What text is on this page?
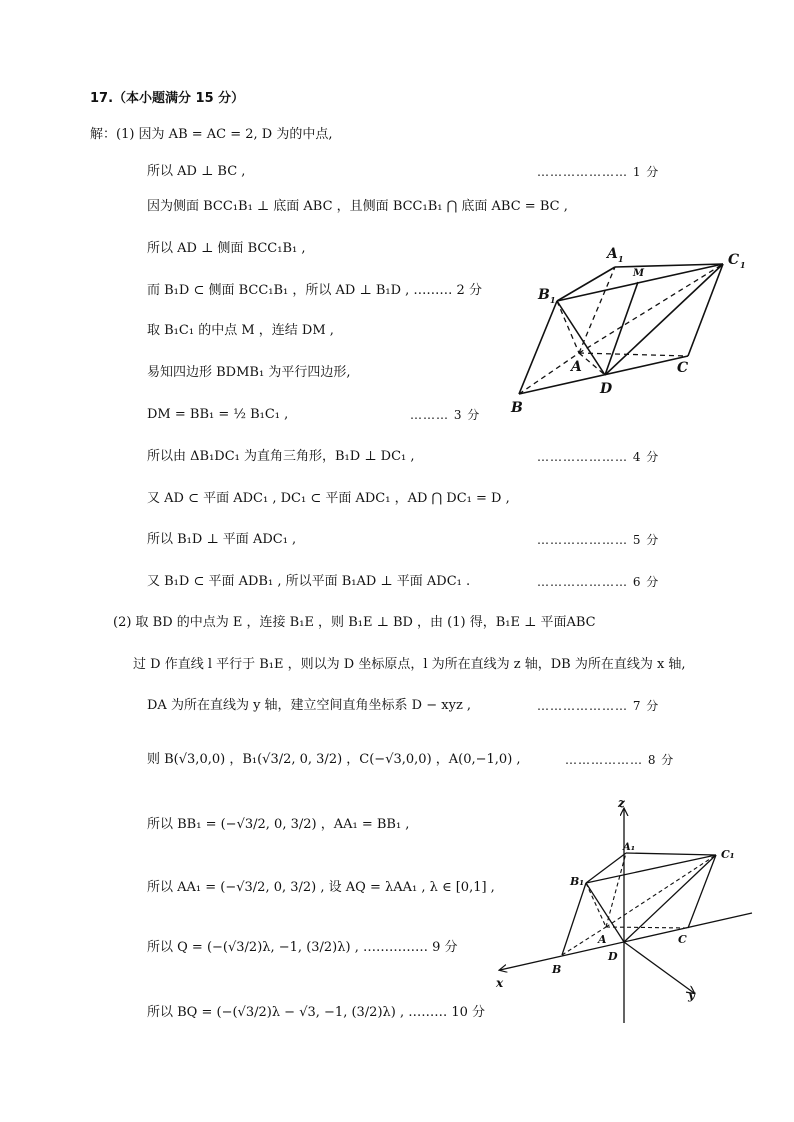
17.（本小题满分 15 分）
解：(1) 因为 AB = AC = 2, D 为的中点,
所以 AD ⊥ BC ,	………………… 1 分
因为侧面 BCC₁B₁ ⊥ 底面 ABC ，且侧面 BCC₁B₁ ⋂ 底面 ABC = BC ,
所以 AD ⊥ 侧面 BCC₁B₁ ,
而 B₁D ⊂ 侧面 BCC₁B₁ ，所以 AD ⊥ B₁D , ……… 2 分
取 B₁C₁ 的中点 M ，连结 DM ,
易知四边形 BDMB₁ 为平行四边形,
DM = BB₁ = ½ B₁C₁ ,	……… 3 分
所以由 ΔB₁DC₁ 为直角三角形，B₁D ⊥ DC₁ ,	………………… 4 分
又 AD ⊂ 平面 ADC₁ , DC₁ ⊂ 平面 ADC₁ ，AD ⋂ DC₁ = D ,
所以 B₁D ⊥ 平面 ADC₁ ,	………………… 5 分
又 B₁D ⊂ 平面 ADB₁ , 所以平面 B₁AD ⊥ 平面 ADC₁ .	………………… 6 分
(2) 取 BD 的中点为 E ，连接 B₁E ，则 B₁E ⊥ BD ，由 (1) 得，B₁E ⊥ 平面ABC
过 D 作直线 l 平行于 B₁E ，则以为 D 坐标原点，l 为所在直线为 z 轴，DB 为所在直线为 x 轴,
DA 为所在直线为 y 轴，建立空间直角坐标系 D − xyz ,	………………… 7 分
则 B(√3,0,0) ，B₁(√3/2, 0, 3/2) ，C(−√3,0,0) ，A(0,−1,0) ,	……………… 8 分
所以 BB₁ = (−√3/2, 0, 3/2) ，AA₁ = BB₁ ,
所以 AA₁ = (−√3/2, 0, 3/2) , 设 AQ = λAA₁ , λ ∈ [0,1] ,
所以 Q = (−(√3/2)λ, −1, (3/2)λ) , …………… 9 分
所以 BQ = (−(√3/2)λ − √3, −1, (3/2)λ) , ……… 10 分
A 1	C 1
B 1
M
A	C
D
B
z
A₁
C₁
B₁
A	C
D
B
x
y
